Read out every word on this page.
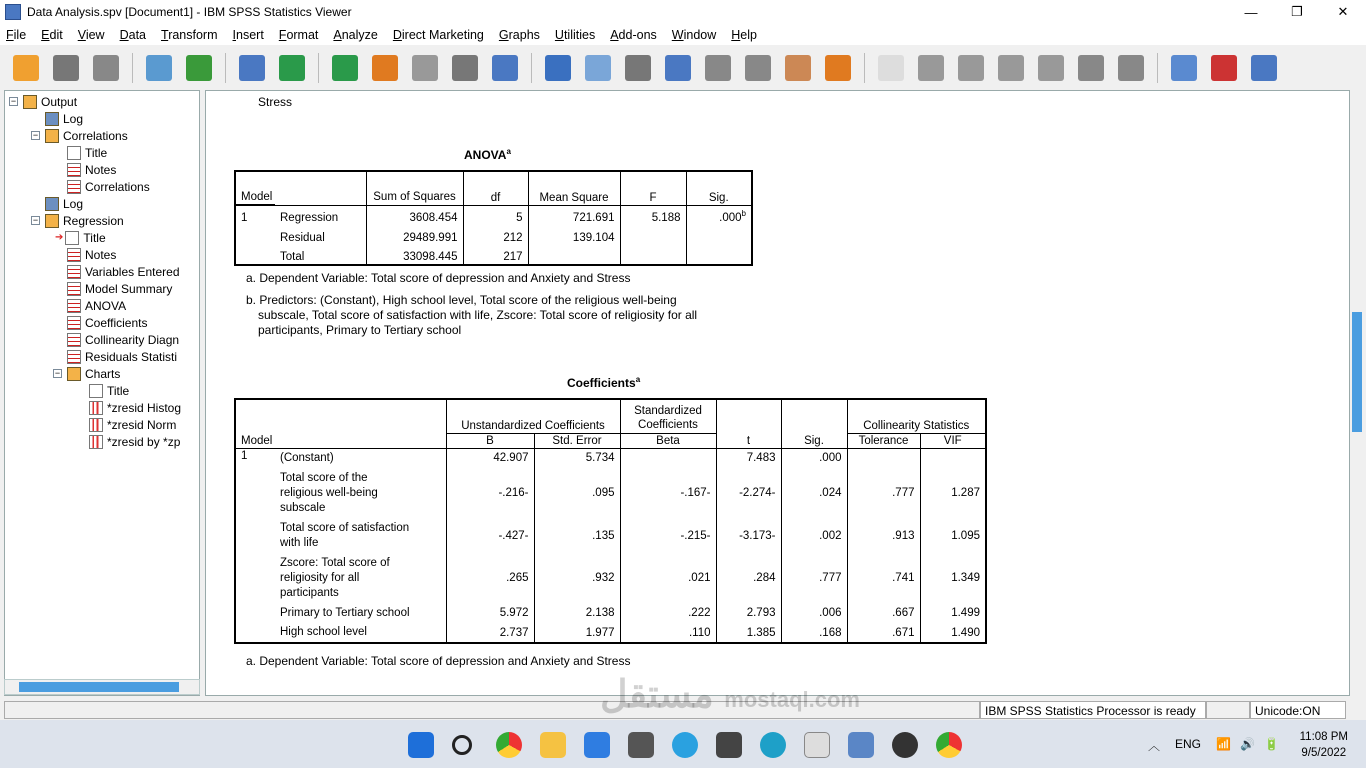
Data Analysis.spv [Document1] - IBM SPSS Statistics Viewer	—	❐	✕
File	Edit	View	Data	Transform	Insert	Format	Analyze	Direct Marketing	Graphs	Utilities	Add-ons	Window	Help
− Output
Log
− Correlations
Title
Notes
Correlations
Log
− Regression
➔ Title
Notes
Variables Entered
Model Summary
ANOVA
Coefficients
Collinearity Diagn
Residuals Statisti
− Charts
Title
*zresid Histog
*zresid Norm
*zresid by *zp
Stress
ANOVA$^a$
Model		Sum of Squares	df	Mean Square	F	Sig.
1	Regression	3608.454	5	721.691	5.188	.000$^b$
	Residual	29489.991	212	139.104		
	Total	33098.445	217			
a. Dependent Variable: Total score of depression and Anxiety and Stress
b. Predictors: (Constant), High school level, Total score of the religious well-being
subscale, Total score of satisfaction with life, Zscore: Total score of religiosity for all
participants, Primary to Tertiary school
Coefficients$^a$
Model		Unstandardized Coefficients		Standardized
Coefficients	t	Sig.	Collinearity Statistics	
		B	Std. Error	Beta			Tolerance	VIF
1	(Constant)	42.907	5.734		7.483	.000		

	Total score of the
religious well-being
subscale	-.216-	.095	-.167-	-2.274-	.024	.777	1.287

	Total score of satisfaction
with life	-.427-	.135	-.215-	-3.173-	.002	.913	1.095

	Zscore: Total score of
religiosity for all
participants	.265	.932	.021	.284	.777	.741	1.349

	Primary to Tertiary school	5.972	2.138	.222	2.793	.006	.667	1.499

	High school level	2.737	1.977	.110	1.385	.168	.671	1.490
a. Dependent Variable: Total score of depression and Anxiety and Stress
IBM SPSS Statistics Processor is ready	Unicode:ON
︿ ENG 📶 🔊 🔋 11:08 PM
9/5/2022
مستقل mostaql.com
